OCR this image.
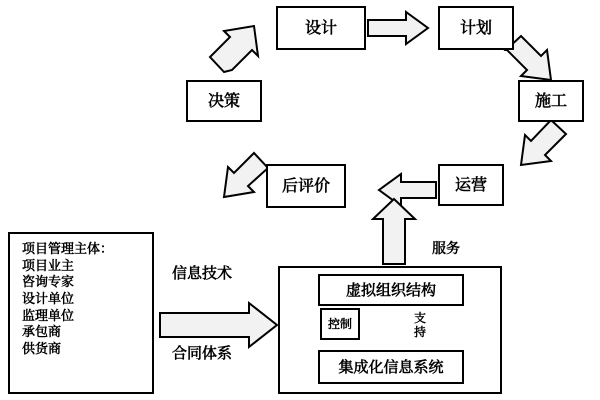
设计	计划
施工
运营
后评价
决策
项目管理主体：
项目业主
咨询专家
设计单位
监理单位
承包商
供货商
信息技术
合同体系
服务
虚拟组织结构
集成化信息系统
控制	支持
